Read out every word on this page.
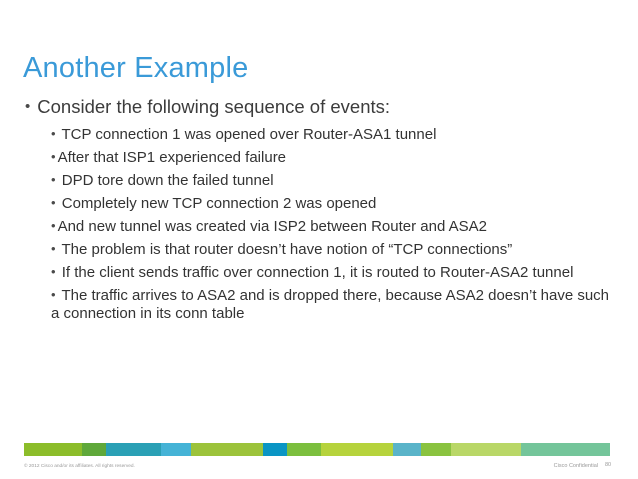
Another Example
• Consider the following sequence of events:
• TCP connection 1 was opened over Router-ASA1 tunnel
• After that ISP1 experienced failure
• DPD tore down the failed tunnel
• Completely new TCP connection 2 was opened
• And new tunnel was created via ISP2 between Router and ASA2
• The problem is that router doesn’t have notion of “TCP connections”
• If the client sends traffic over connection 1, it is routed to Router-ASA2 tunnel
• The traffic arrives to ASA2 and is dropped there, because ASA2 doesn’t have such a connection in its conn table
© 2012 Cisco and/or its affiliates. All rights reserved.	Cisco Confidential 80
